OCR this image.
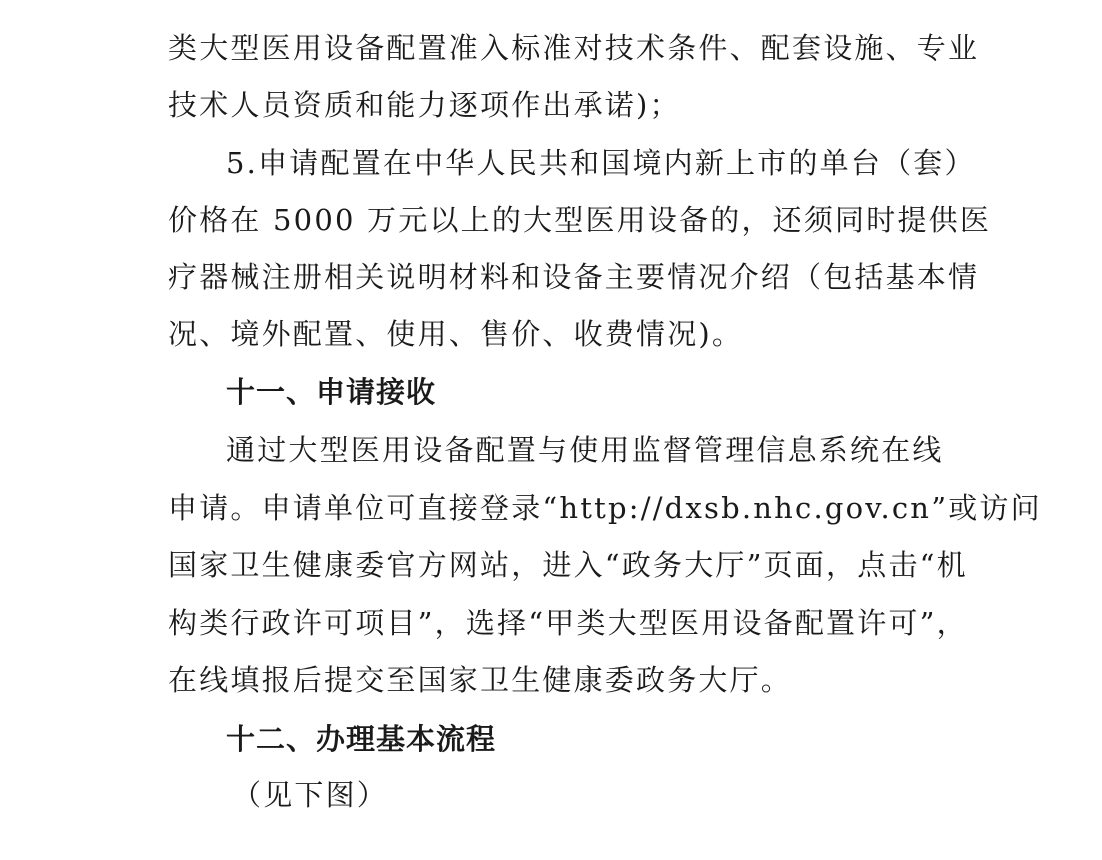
类大型医用设备配置准入标准对技术条件、配套设施、专业
技术人员资质和能力逐项作出承诺)；
5.申请配置在中华人民共和国境内新上市的单台（套）
价格在 5000 万元以上的大型医用设备的，还须同时提供医
疗器械注册相关说明材料和设备主要情况介绍（包括基本情
况、境外配置、使用、售价、收费情况)。
十一、申请接收
通过大型医用设备配置与使用监督管理信息系统在线
申请。申请单位可直接登录“http://dxsb.nhc.gov.cn”或访问
国家卫生健康委官方网站，进入“政务大厅”页面，点击“机
构类行政许可项目”，选择“甲类大型医用设备配置许可”，
在线填报后提交至国家卫生健康委政务大厅。
十二、办理基本流程
（见下图）
